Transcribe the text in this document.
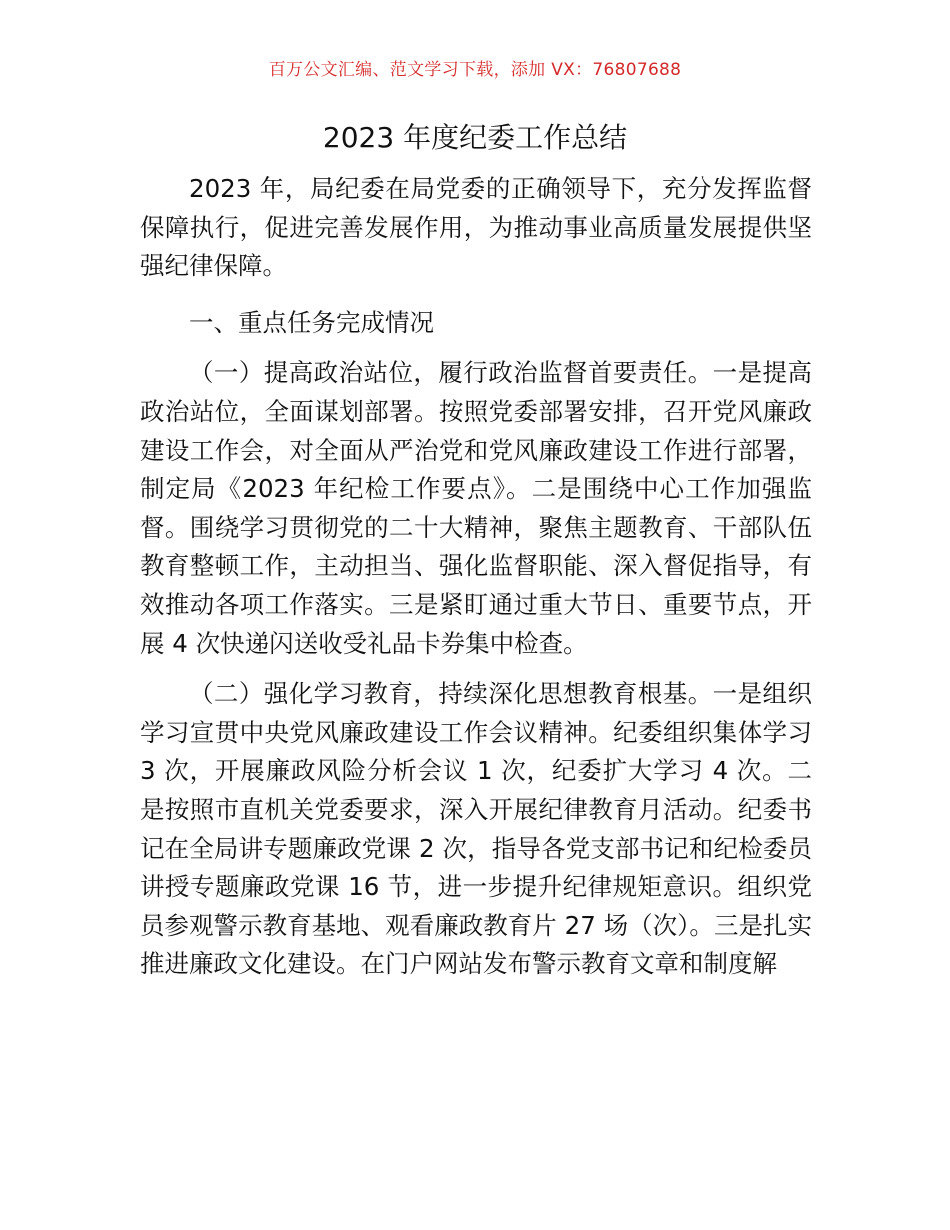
百万公文汇编、范文学习下载，添加 VX：76807688
2023 年度纪委工作总结

2023 年，局纪委在局党委的正确领导下，充分发挥监督保障执行，促进完善发展作用，为推动事业高质量发展提供坚强纪律保障。

一、重点任务完成情况

（一）提高政治站位，履行政治监督首要责任。一是提高政治站位，全面谋划部署。按照党委部署安排，召开党风廉政建设工作会，对全面从严治党和党风廉政建设工作进行部署，制定局《2023 年纪检工作要点》。二是围绕中心工作加强监督。围绕学习贯彻党的二十大精神，聚焦主题教育、干部队伍教育整顿工作，主动担当、强化监督职能、深入督促指导，有效推动各项工作落实。三是紧盯通过重大节日、重要节点，开展 4 次快递闪送收受礼品卡券集中检查。

（二）强化学习教育，持续深化思想教育根基。一是组织学习宣贯中央党风廉政建设工作会议精神。纪委组织集体学习 3 次，开展廉政风险分析会议 1 次，纪委扩大学习 4 次。二是按照市直机关党委要求，深入开展纪律教育月活动。纪委书记在全局讲专题廉政党课 2 次，指导各党支部书记和纪检委员讲授专题廉政党课 16 节，进一步提升纪律规矩意识。组织党员参观警示教育基地、观看廉政教育片 27 场（次）。三是扎实推进廉政文化建设。在门户网站发布警示教育文章和制度解
